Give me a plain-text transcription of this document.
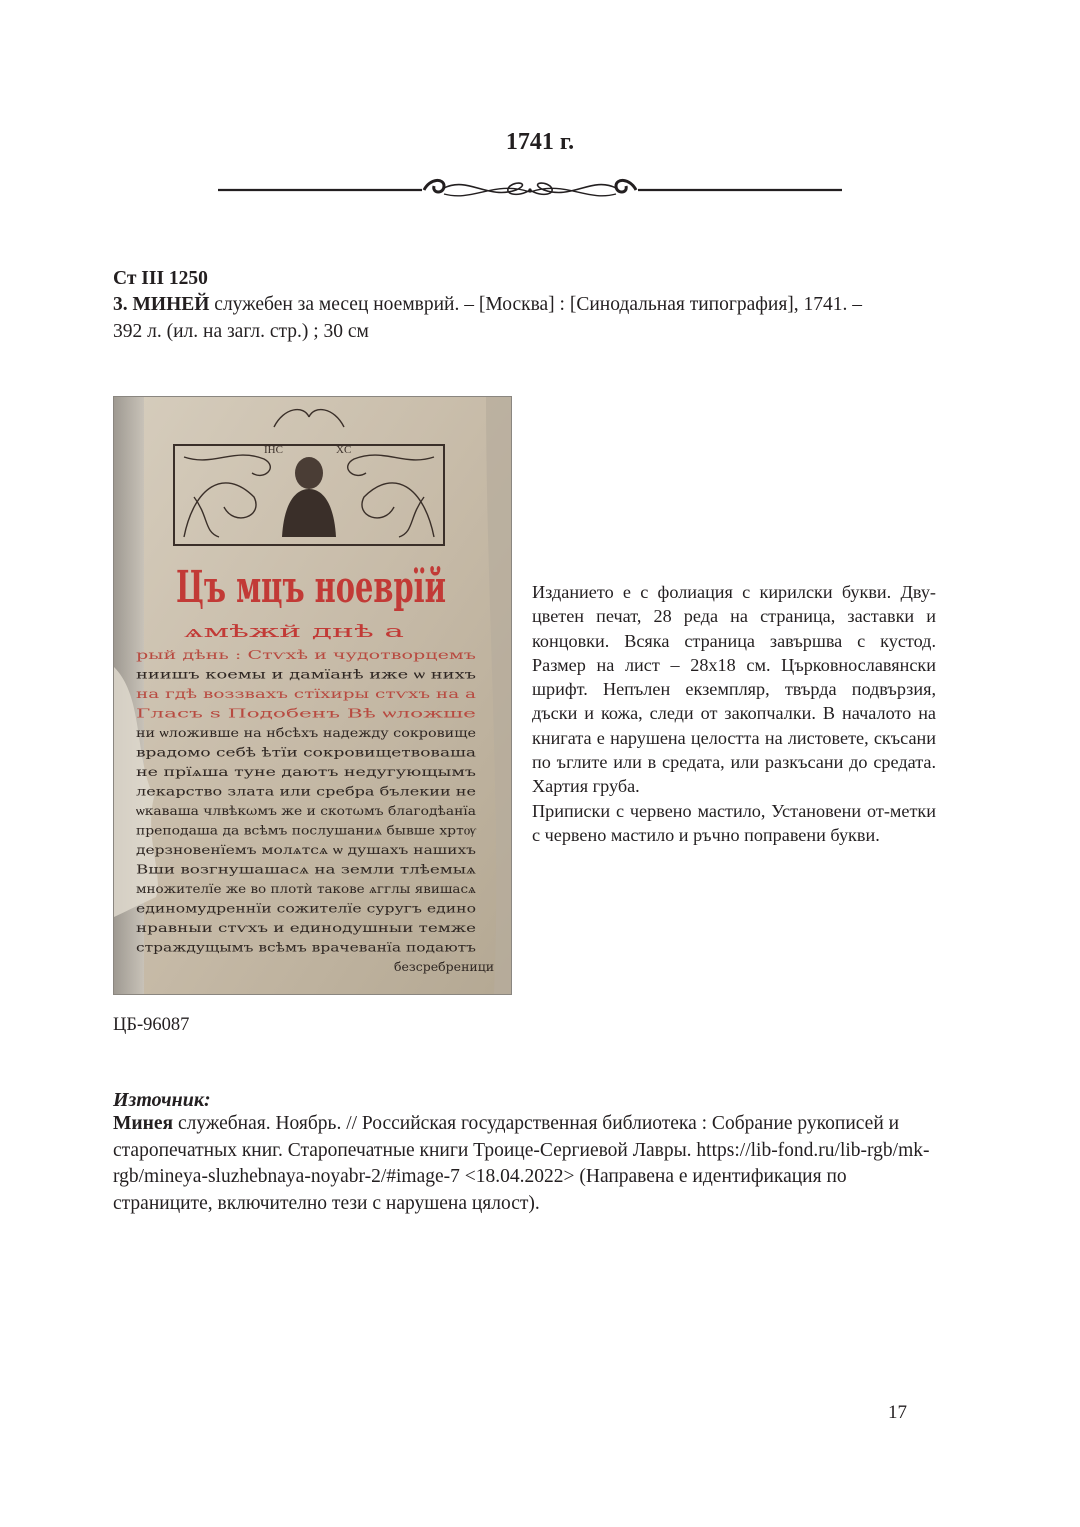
1741 г.
Ст III 1250
3. МИНЕЙ служебен за месец ноемврий. – [Москва] : [Синодальная типография], 1741. –
392 л. (ил. на загл. стр.) ; 30 см
IHC	XC
Цъ мцъ ноеврїй
ѧмѣжй днѣ а
рый дѣнь : Стѵхѣ и чудотворцемъ
ниишъ коемы и дамїанѣ иже ѡ нихъ
на гдѣ воззвахъ стїхиры стѵхъ на а
Гласъ ѕ Подобенъ Вѣ ѡложше
ни ѡложивше на нбсѣхъ надежду сокровище
врадомо себѣ ѣтїи сокровищетвоваша
не прїѧша туне даютъ недугующымъ
лекарство злата или сребра бълекии не
ѡкаваша члвѣкωмъ же и скотωмъ благодѣанїа
преподаша да всѣмъ послушаниѧ бывше хртѹ
дерзновенїемъ молѧтсѧ ѡ душахъ нашихъ
Вши возгнушашасѧ на земли тлѣемыѧ
множителїе же во плотѝ таковe ѧгглы явишасѧ
единомудреннїи сожителїе суругъ едино
нравныи стѵхъ и единодушныи темже
страждущымъ всѣмъ врачеванїа подаютъ
безсребреници

Изданието е с фолиация с кирилски букви. Дву-цветен печат, 28 реда на страница, заставки и концовки. Всяка страница завършва с кустод. Размер на лист – 28x18 см. Църковнославянски шрифт. Непълен екземпляр, твърда подвързия, дъски и кожа, следи от закопчалки. В началото на книгата е нарушена целостта на листовете, скъсани по ъглите или в средата, или разкъсани до средата. Хартия груба.

Приписки с червено мастило, Установени от-метки с червено мастило и ръчно поправени букви.

ЦБ-96087
Източник:
Минея служебная. Ноябрь. // Российская государственная библиотека : Собрание рукописей и старопечатных книг. Старопечатные книги Троице-Сергиевой Лавры. https://lib-fond.ru/lib-rgb/mk-rgb/mineya-sluzhebnaya-noyabr-2/#image-7 <18.04.2022> (Направена е идентификация по страниците, включително тези с нарушена цялост).
17
